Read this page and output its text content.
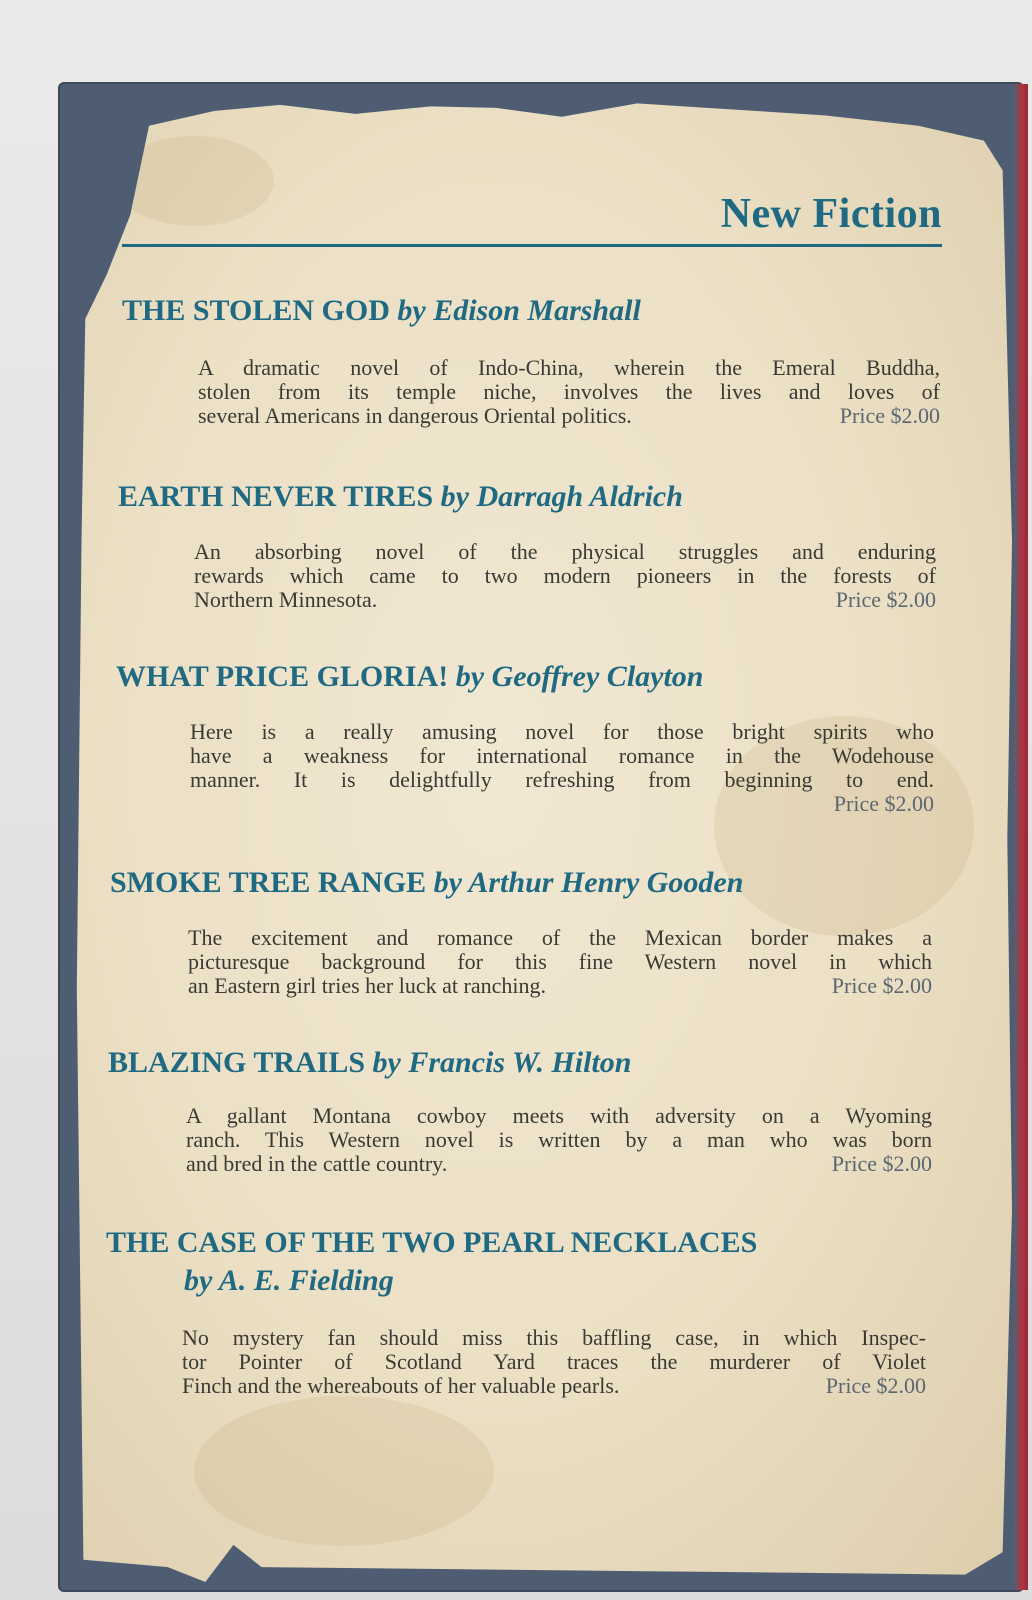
New Fiction
THE STOLEN GOD by Edison Marshall
A dramatic novel of Indo-China, wherein the Emeral Buddha,
stolen from its temple niche, involves the lives and loves of
several Americans in dangerous Oriental politics.	Price $2.00
EARTH NEVER TIRES by Darragh Aldrich
An absorbing novel of the physical struggles and enduring
rewards which came to two modern pioneers in the forests of
Northern Minnesota.	Price $2.00
WHAT PRICE GLORIA! by Geoffrey Clayton
Here is a really amusing novel for those bright spirits who
have a weakness for international romance in the Wodehouse
manner. It is delightfully refreshing from beginning to end.
Price $2.00
SMOKE TREE RANGE by Arthur Henry Gooden
The excitement and romance of the Mexican border makes a
picturesque background for this fine Western novel in which
an Eastern girl tries her luck at ranching.	Price $2.00
BLAZING TRAILS by Francis W. Hilton
A gallant Montana cowboy meets with adversity on a Wyoming
ranch. This Western novel is written by a man who was born
and bred in the cattle country.	Price $2.00
THE CASE OF THE TWO PEARL NECKLACES
by A. E. Fielding
No mystery fan should miss this baffling case, in which Inspec-
tor Pointer of Scotland Yard traces the murderer of Violet
Finch and the whereabouts of her valuable pearls.	Price $2.00
